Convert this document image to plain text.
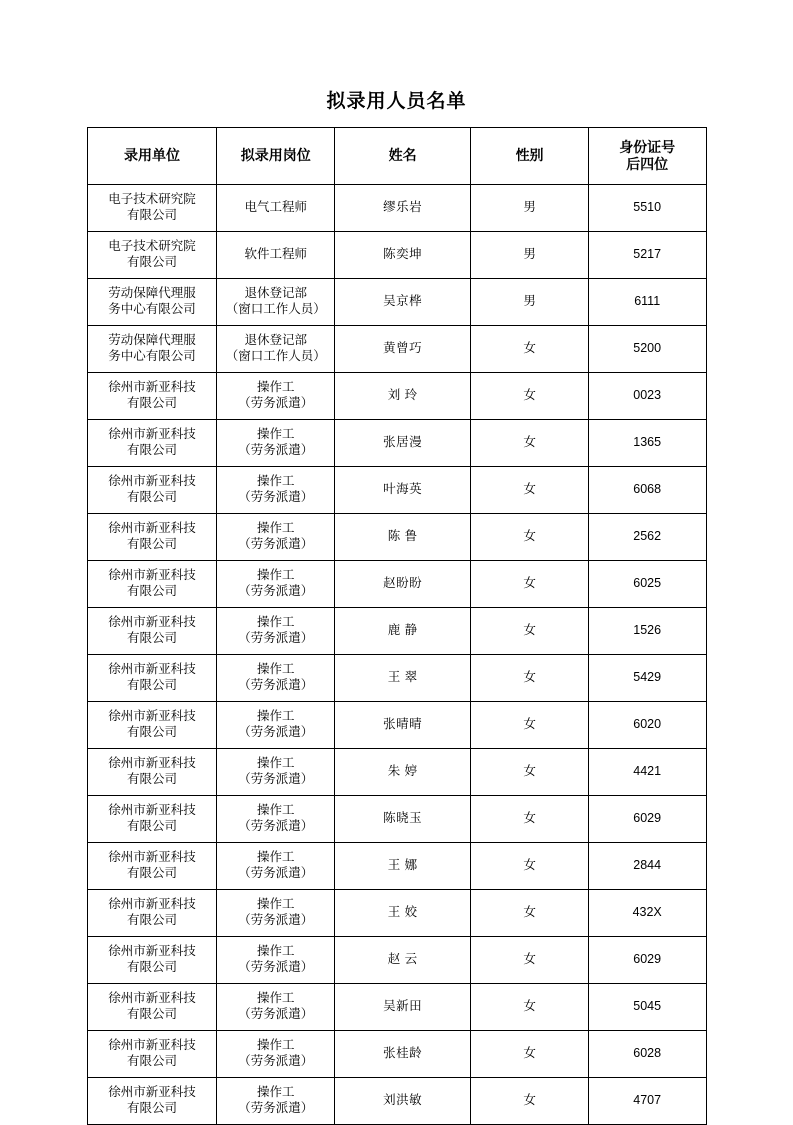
拟录用人员名单
录用单位	拟录用岗位	姓名	性别	身份证号
后四位

电子技术研究院
有限公司	电气工程师	缪乐岩	男	5510

电子技术研究院
有限公司	软件工程师	陈奕坤	男	5217

劳动保障代理服
务中心有限公司	退休登记部
（窗口工作人员）	吴京桦	男	6111

劳动保障代理服
务中心有限公司	退休登记部
（窗口工作人员）	黄曾巧	女	5200

徐州市新亚科技
有限公司	操作工
（劳务派遣）	刘 玲	女	0023

徐州市新亚科技
有限公司	操作工
（劳务派遣）	张居漫	女	1365

徐州市新亚科技
有限公司	操作工
（劳务派遣）	叶海英	女	6068

徐州市新亚科技
有限公司	操作工
（劳务派遣）	陈 鲁	女	2562

徐州市新亚科技
有限公司	操作工
（劳务派遣）	赵盼盼	女	6025

徐州市新亚科技
有限公司	操作工
（劳务派遣）	鹿 静	女	1526

徐州市新亚科技
有限公司	操作工
（劳务派遣）	王 翠	女	5429

徐州市新亚科技
有限公司	操作工
（劳务派遣）	张晴晴	女	6020

徐州市新亚科技
有限公司	操作工
（劳务派遣）	朱 婷	女	4421

徐州市新亚科技
有限公司	操作工
（劳务派遣）	陈晓玉	女	6029

徐州市新亚科技
有限公司	操作工
（劳务派遣）	王 娜	女	2844

徐州市新亚科技
有限公司	操作工
（劳务派遣）	王 姣	女	432X

徐州市新亚科技
有限公司	操作工
（劳务派遣）	赵 云	女	6029

徐州市新亚科技
有限公司	操作工
（劳务派遣）	吴新田	女	5045

徐州市新亚科技
有限公司	操作工
（劳务派遣）	张桂龄	女	6028

徐州市新亚科技
有限公司	操作工
（劳务派遣）	刘洪敏	女	4707
